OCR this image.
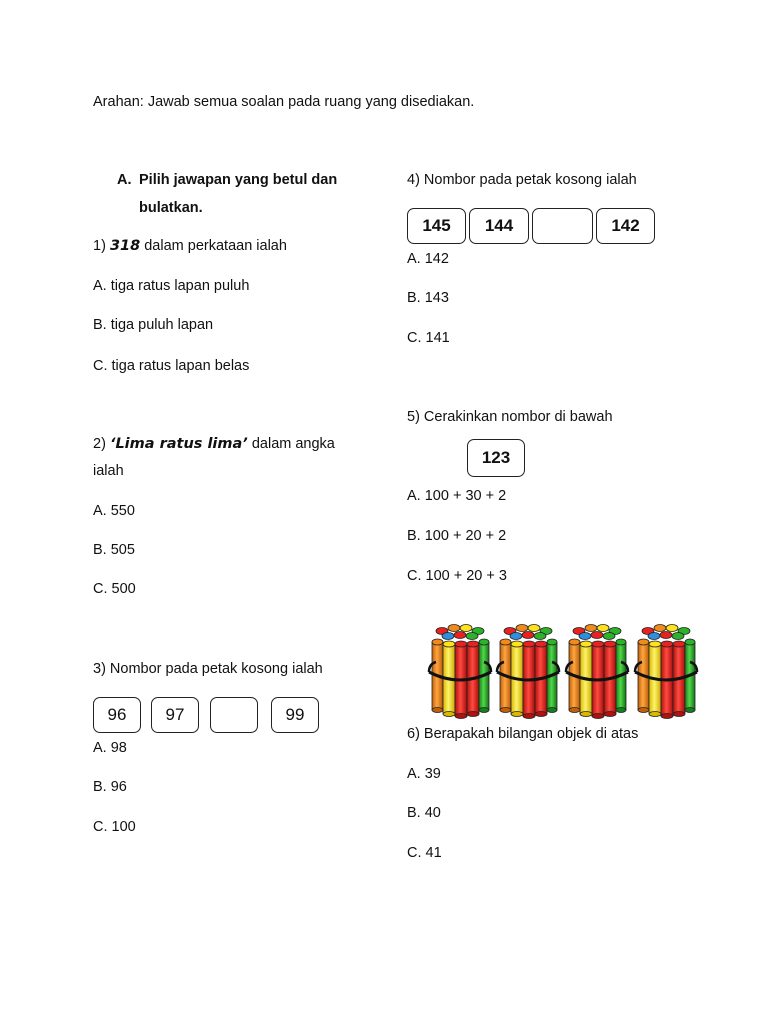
Arahan: Jawab semua soalan pada ruang yang disediakan.
A. Pilih jawapan yang betul dan
bulatkan.
1) 318 dalam perkataan ialah
A. tiga ratus lapan puluh
B. tiga puluh lapan
C. tiga ratus lapan belas
2) ‘Lima ratus lima’ dalam angka
ialah
A. 550
B. 505
C. 500
3) Nombor pada petak kosong ialah
96	97	99
A. 98
B. 96
C. 100
4) Nombor pada petak kosong ialah
145	144	142
A. 142
B. 143
C. 141
5) Cerakinkan nombor di bawah
123
A. 100 + 30 + 2
B. 100 + 20 + 2
C. 100 + 20 + 3
6) Berapakah bilangan objek di atas
A. 39
B. 40
C. 41
